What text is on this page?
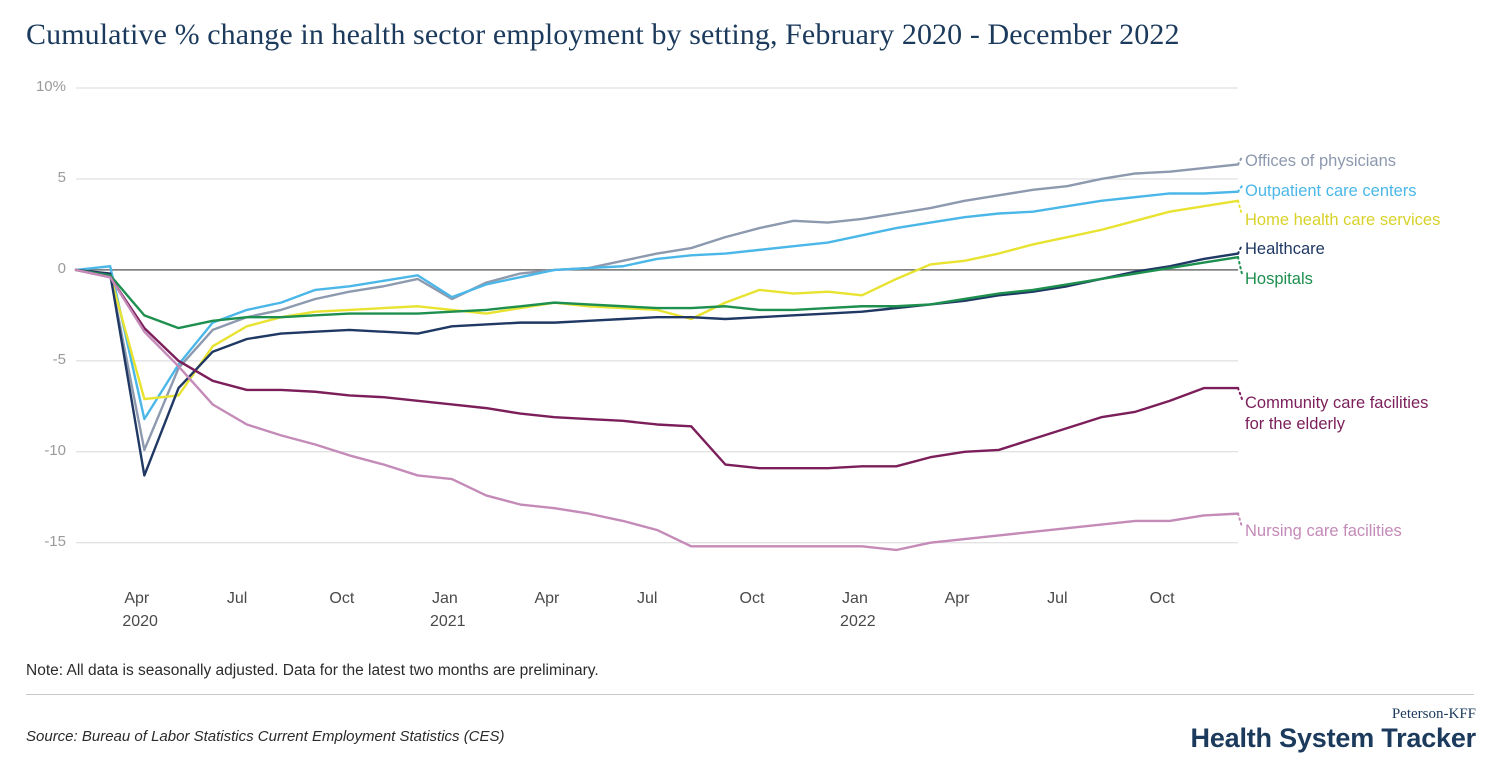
Cumulative % change in health sector employment by setting, February 2020 - December 2022
10%
5
0
-5
-10
-15
Apr
2020
Jul	Oct	Jan
2021
Apr	Jul	Oct	Jan
2022
Apr	Jul	Oct
Offices of physicians
Outpatient care centers
Home health care services
Healthcare
Hospitals
Community care facilities
for the elderly
Nursing care facilities
Note: All data is seasonally adjusted. Data for the latest two months are preliminary.
Source: Bureau of Labor Statistics Current Employment Statistics (CES)
Peterson-KFF
Health System Tracker
